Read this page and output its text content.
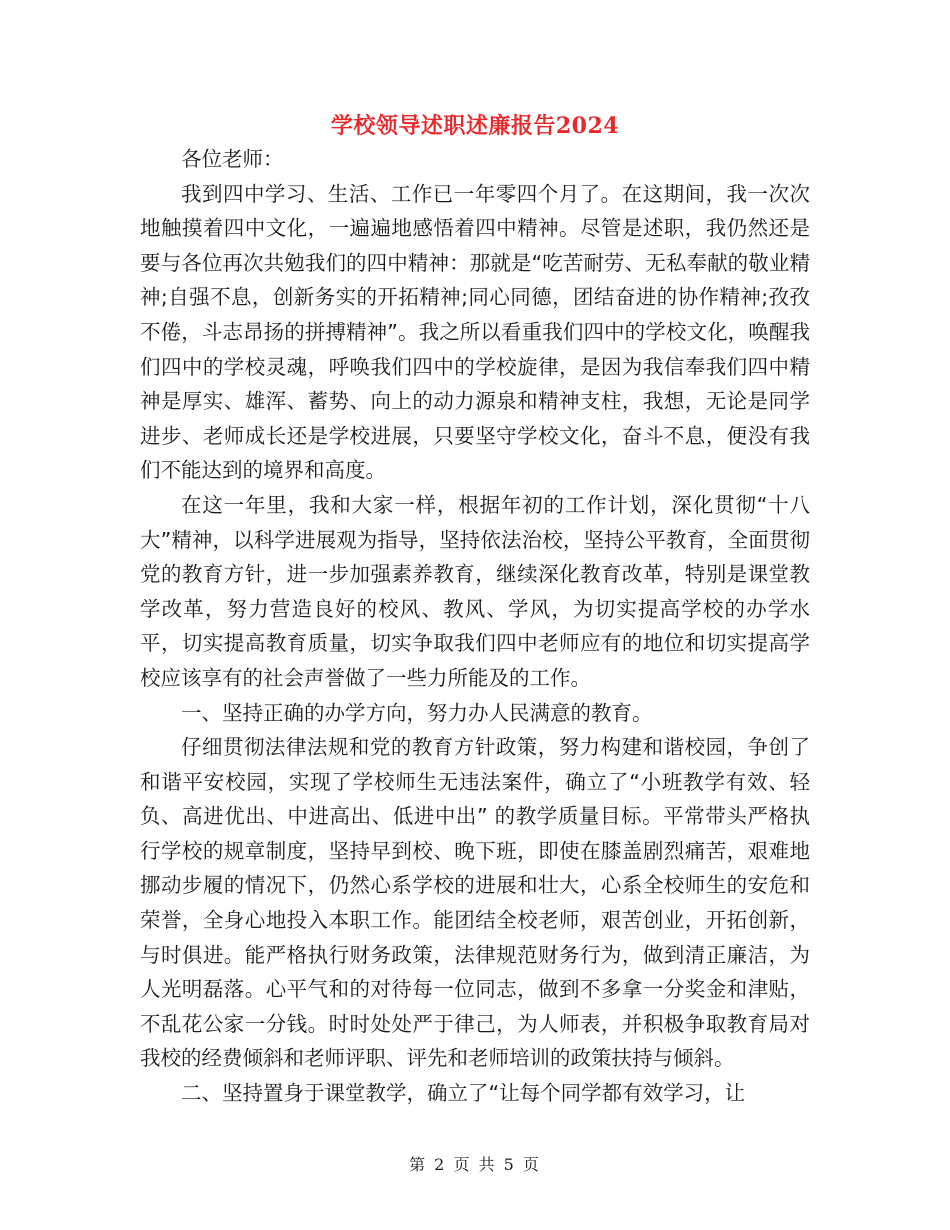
学校领导述职述廉报告2024

各位老师：

我到四中学习、生活、工作已一年零四个月了。在这期间，我一次次地触摸着四中文化，一遍遍地感悟着四中精神。尽管是述职，我仍然还是要与各位再次共勉我们的四中精神：那就是“吃苦耐劳、无私奉献的敬业精神;自强不息，创新务实的开拓精神;同心同德，团结奋进的协作精神;孜孜不倦，斗志昂扬的拼搏精神”。我之所以看重我们四中的学校文化，唤醒我们四中的学校灵魂，呼唤我们四中的学校旋律，是因为我信奉我们四中精神是厚实、雄浑、蓄势、向上的动力源泉和精神支柱，我想，无论是同学进步、老师成长还是学校进展，只要坚守学校文化，奋斗不息，便没有我们不能达到的境界和高度。

在这一年里，我和大家一样，根据年初的工作计划，深化贯彻“十八大”精神，以科学进展观为指导，坚持依法治校，坚持公平教育，全面贯彻党的教育方针，进一步加强素养教育，继续深化教育改革，特别是课堂教学改革，努力营造良好的校风、教风、学风，为切实提高学校的办学水平，切实提高教育质量，切实争取我们四中老师应有的地位和切实提高学校应该享有的社会声誉做了一些力所能及的工作。

一、坚持正确的办学方向，努力办人民满意的教育。

仔细贯彻法律法规和党的教育方针政策，努力构建和谐校园，争创了和谐平安校园，实现了学校师生无违法案件，确立了“小班教学有效、轻负、高进优出、中进高出、低进中出” 的教学质量目标。平常带头严格执行学校的规章制度，坚持早到校、晚下班，即使在膝盖剧烈痛苦，艰难地挪动步履的情况下，仍然心系学校的进展和壮大，心系全校师生的安危和荣誉，全身心地投入本职工作。能团结全校老师，艰苦创业，开拓创新，与时俱进。能严格执行财务政策，法律规范财务行为，做到清正廉洁，为人光明磊落。心平气和的对待每一位同志，做到不多拿一分奖金和津贴，不乱花公家一分钱。时时处处严于律己，为人师表，并积极争取教育局对我校的经费倾斜和老师评职、评先和老师培训的政策扶持与倾斜。

二、坚持置身于课堂教学，确立了“让每个同学都有效学习，让

第 2 页 共 5 页
